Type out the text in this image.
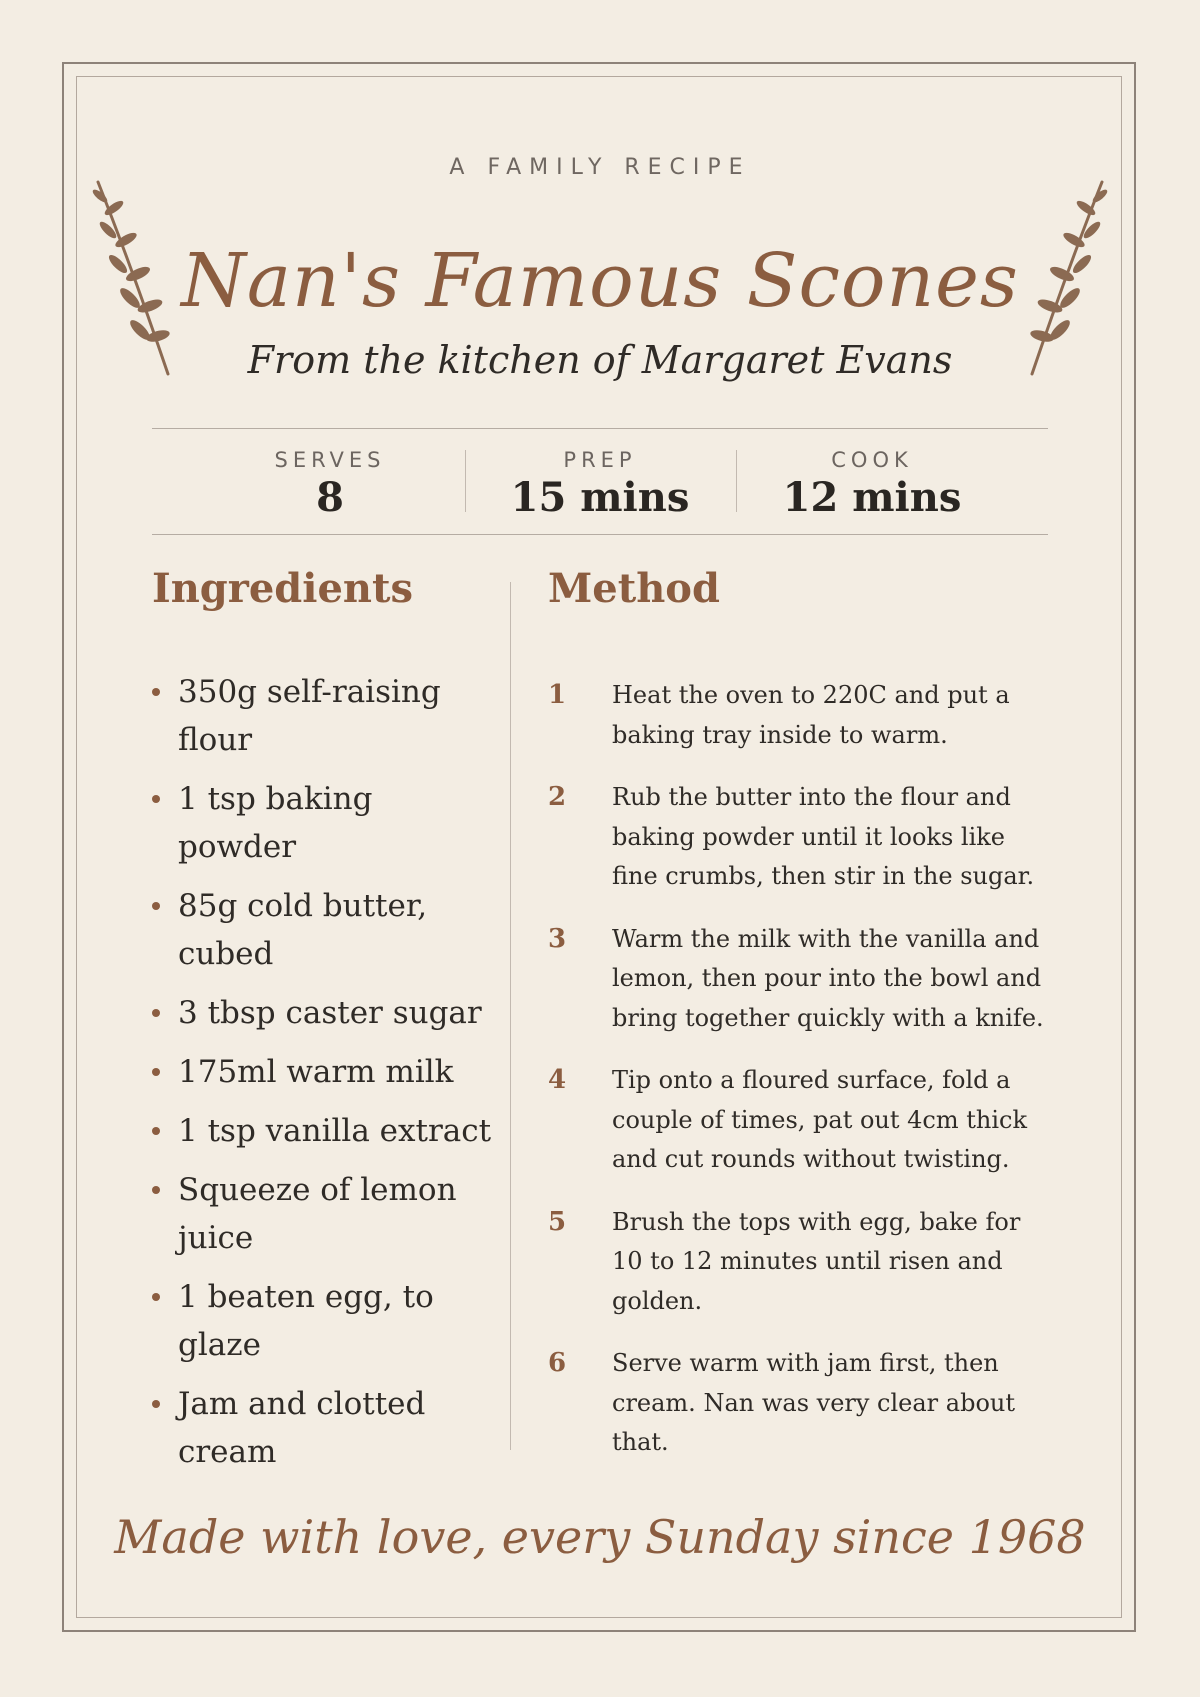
A FAMILY RECIPE
Nan's Famous Scones
From the kitchen of Margaret Evans
SERVES
8
PREP
15 mins
COOK
12 mins
Ingredients	Method
350g self-raising flour
1 tsp baking powder
85g cold butter, cubed
3 tbsp caster sugar
175ml warm milk
1 tsp vanilla extract
Squeeze of lemon juice
1 beaten egg, to glaze
Jam and clotted cream
1 Heat the oven to 220C and put a baking tray inside to warm.
2 Rub the butter into the flour and baking powder until it looks like fine crumbs, then stir in the sugar.
3 Warm the milk with the vanilla and lemon, then pour into the bowl and bring together quickly with a knife.
4 Tip onto a floured surface, fold a couple of times, pat out 4cm thick and cut rounds without twisting.
5 Brush the tops with egg, bake for 10 to 12 minutes until risen and golden.
6 Serve warm with jam first, then cream. Nan was very clear about that.
Made with love, every Sunday since 1968
